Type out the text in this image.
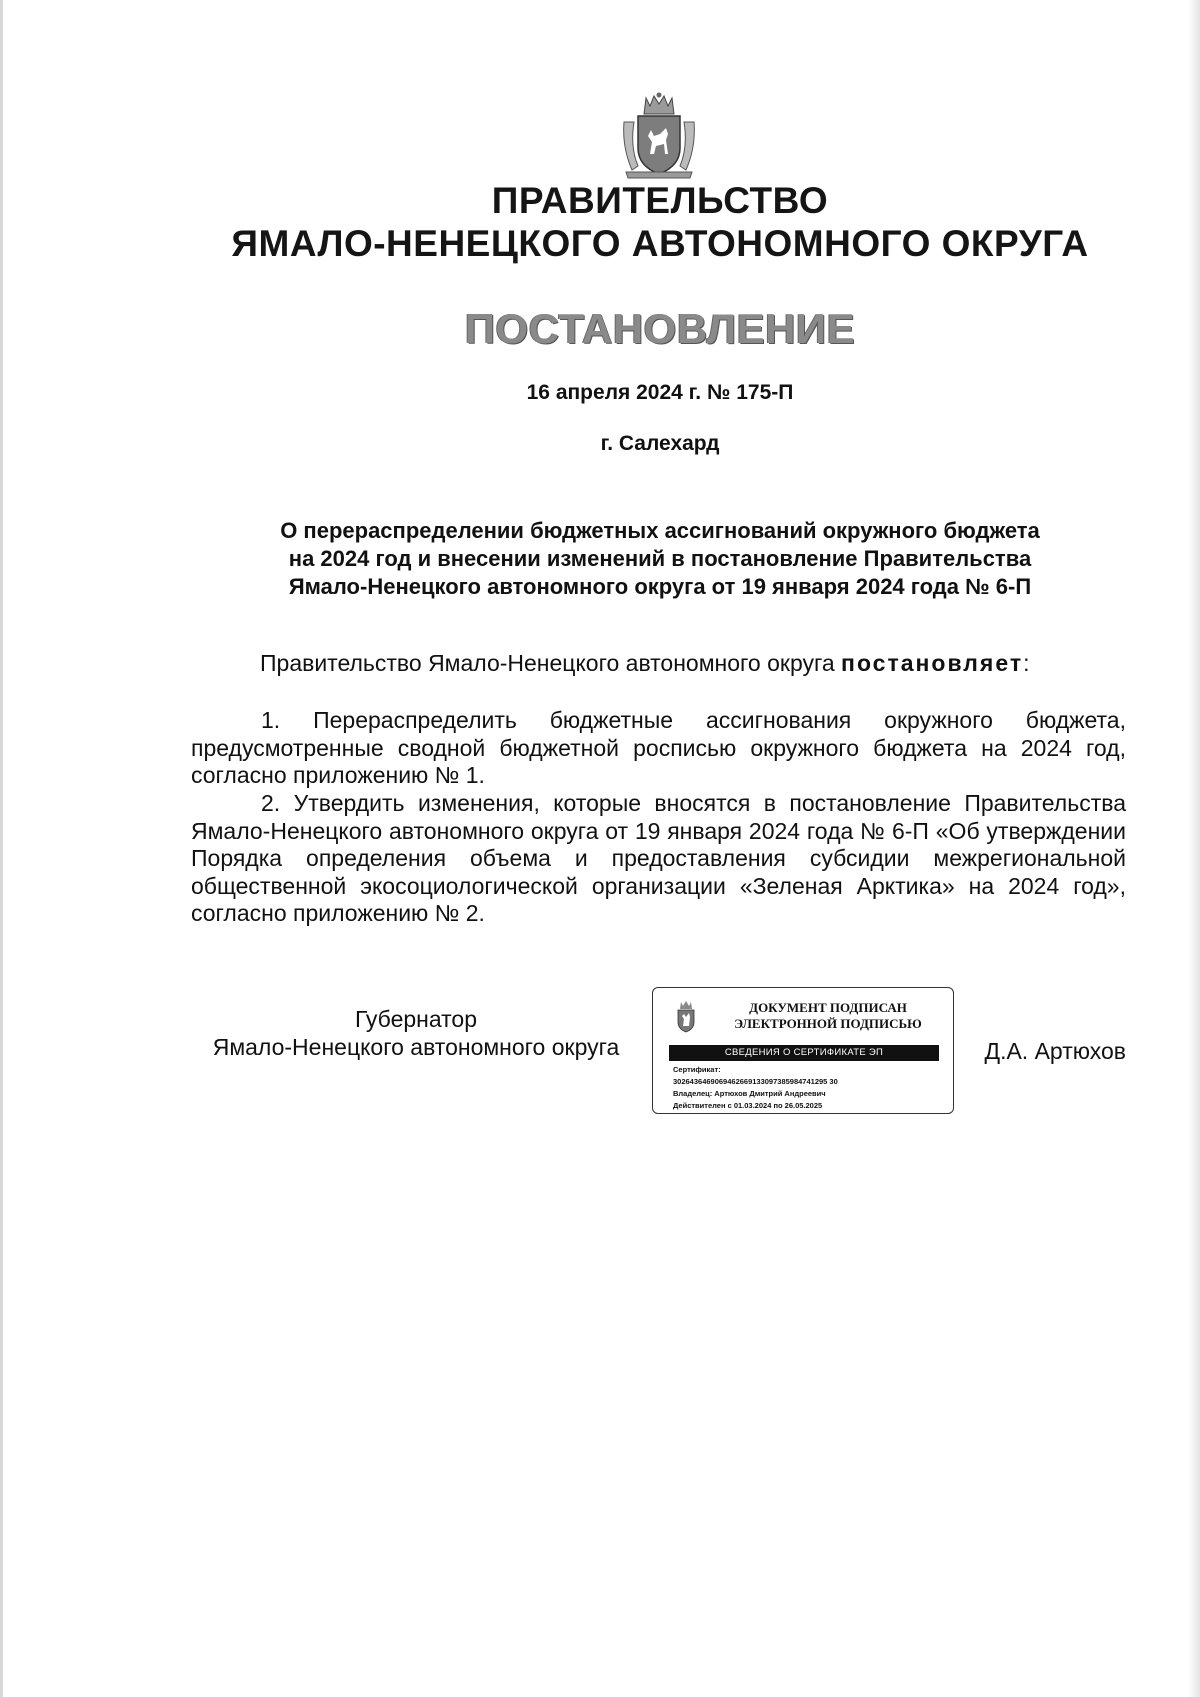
ПРАВИТЕЛЬСТВО
ЯМАЛО-НЕНЕЦКОГО АВТОНОМНОГО ОКРУГА
ПОСТАНОВЛЕНИЕ
16 апреля 2024 г. № 175-П
г. Салехард
О перераспределении бюджетных ассигнований окружного бюджета
на 2024 год и внесении изменений в постановление Правительства
Ямало-Ненецкого автономного округа от 19 января 2024 года № 6-П
Правительство Ямало-Ненецкого автономного округа постановляет:
1. Перераспределить бюджетные ассигнования окружного бюджета, предусмотренные сводной бюджетной росписью окружного бюджета на 2024 год, согласно приложению № 1.
2. Утвердить изменения, которые вносятся в постановление Правительства Ямало-Ненецкого автономного округа от 19 января 2024 года № 6-П «Об утверждении Порядка определения объема и предоставления субсидии межрегиональной общественной экосоциологической организации «Зеленая Арктика» на 2024 год», согласно приложению № 2.
Губернатор
Ямало-Ненецкого автономного округа
ДОКУМЕНТ ПОДПИСАН
ЭЛЕКТРОННОЙ ПОДПИСЬЮ
СВЕДЕНИЯ О СЕРТИФИКАТЕ ЭП
Сертификат:
3026436469069462669133097385984741295 30
Владелец: Артюхов Дмитрий Андреевич
Действителен с 01.03.2024 по 26.05.2025
Д.А. Артюхов
